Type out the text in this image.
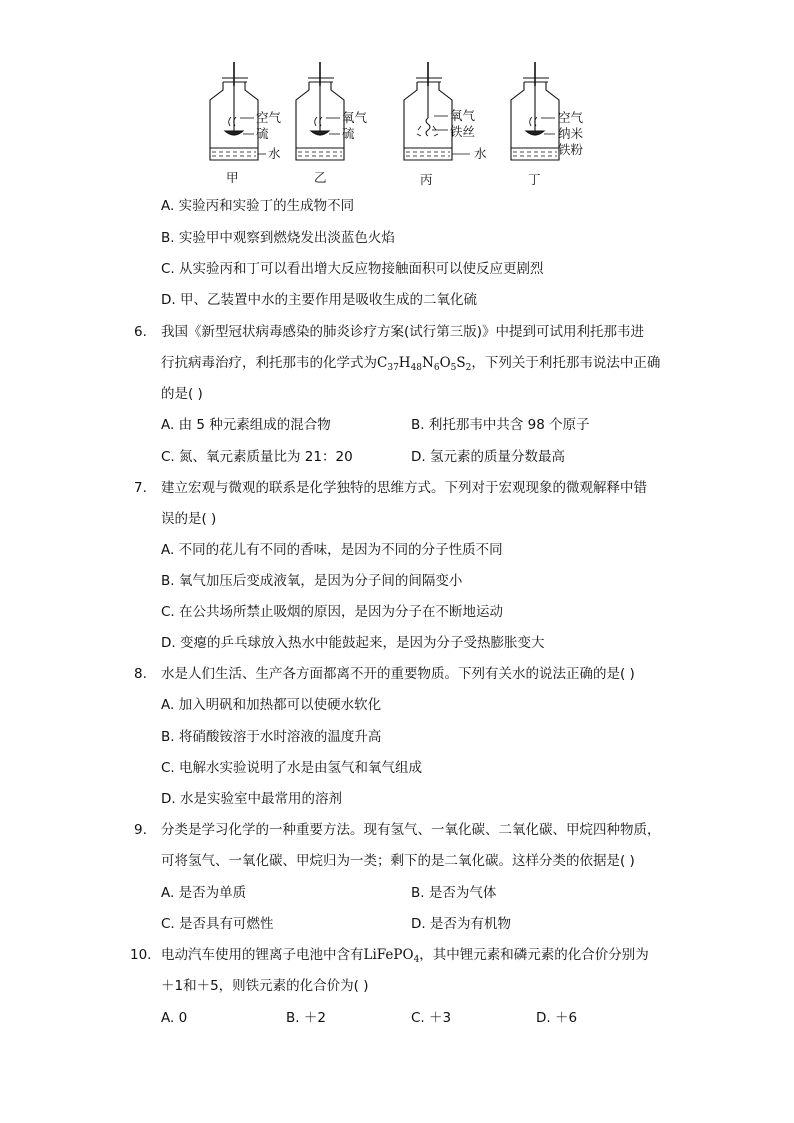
空气
硫
水
甲
氧气
硫
乙
氧气
铁丝
水
丙
空气
纳米
铁粉
丁
A. 实验丙和实验丁的生成物不同
B. 实验甲中观察到燃烧发出淡蓝色火焰
C. 从实验丙和丁可以看出增大反应物接触面积可以使反应更剧烈
D. 甲、乙装置中水的主要作用是吸收生成的二氧化硫
6. 我国《新型冠状病毒感染的肺炎诊疗方案(试行第三版)》中提到可试用利托那韦进
行抗病毒治疗，利托那韦的化学式为$C_{37}H_{48}N_6O_5S_2$，下列关于利托那韦说法中正确
的是( )
A. 由 5 种元素组成的混合物	B. 利托那韦中共含 98 个原子
C. 氮、氧元素质量比为 21：20	D. 氢元素的质量分数最高
7. 建立宏观与微观的联系是化学独特的思维方式。下列对于宏观现象的微观解释中错
误的是( )
A. 不同的花儿有不同的香味，是因为不同的分子性质不同
B. 氧气加压后变成液氧，是因为分子间的间隔变小
C. 在公共场所禁止吸烟的原因，是因为分子在不断地运动
D. 变瘪的乒乓球放入热水中能鼓起来，是因为分子受热膨胀变大
8. 水是人们生活、生产各方面都离不开的重要物质。下列有关水的说法正确的是( )
A. 加入明矾和加热都可以使硬水软化
B. 将硝酸铵溶于水时溶液的温度升高
C. 电解水实验说明了水是由氢气和氧气组成
D. 水是实验室中最常用的溶剂
9. 分类是学习化学的一种重要方法。现有氢气、一氧化碳、二氧化碳、甲烷四种物质，
可将氢气、一氧化碳、甲烷归为一类；剩下的是二氧化碳。这样分类的依据是( )
A. 是否为单质	B. 是否为气体
C. 是否具有可燃性	D. 是否为有机物
10. 电动汽车使用的锂离子电池中含有LiFePO$_4$，其中锂元素和磷元素的化合价分别为
＋1和＋5，则铁元素的化合价为( )
A. 0	B. ＋2	C. ＋3	D. ＋6
